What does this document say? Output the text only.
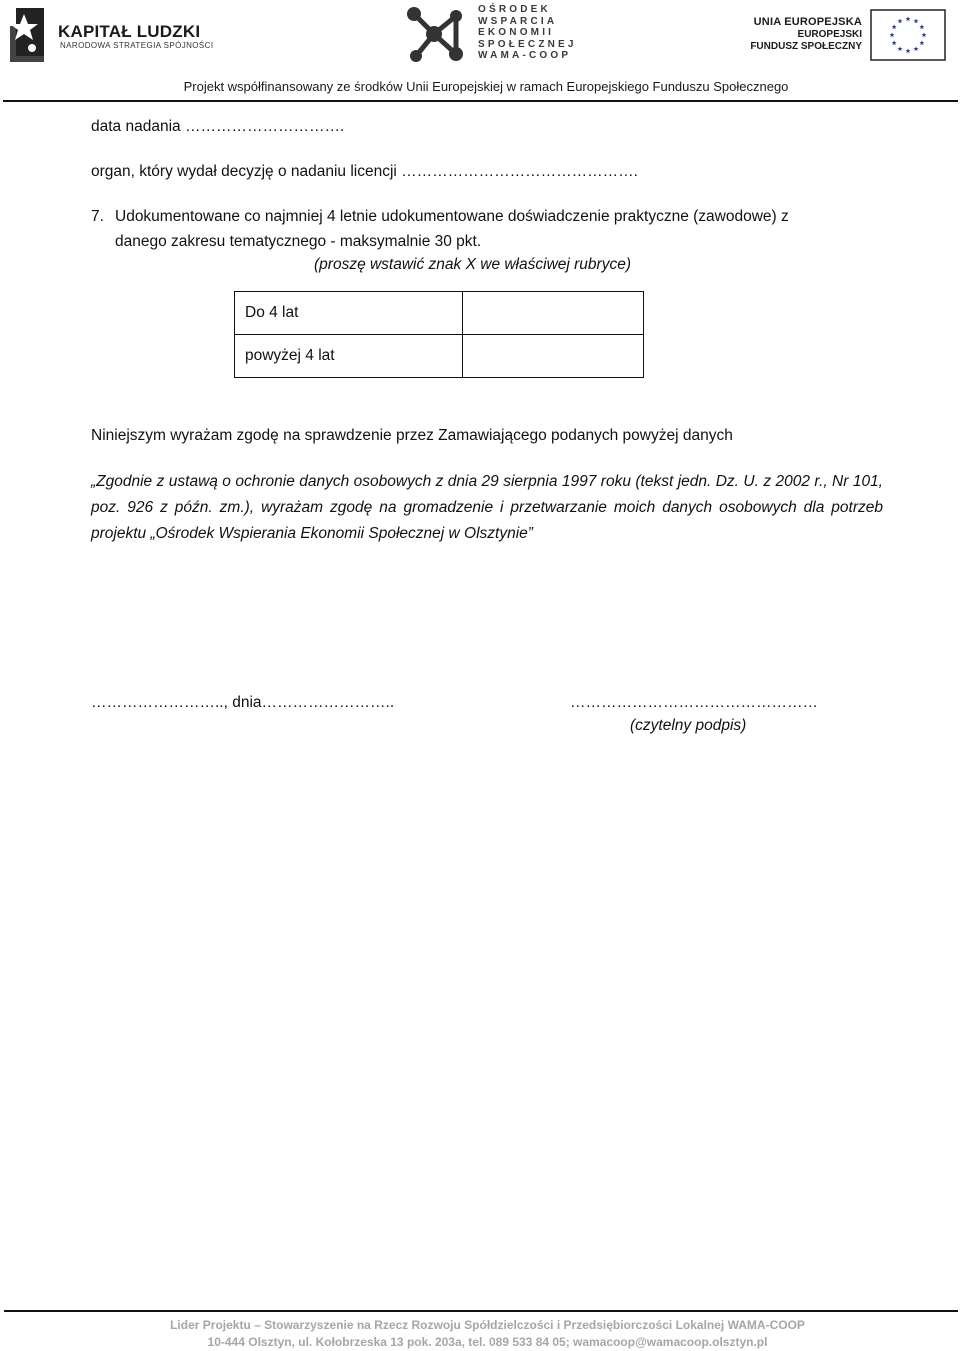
KAPITAŁ LUDZKI
NARODOWA STRATEGIA SPÓJNOŚCI
OŚRODEK
WSPARCIA
EKONOMII
SPOŁECZNEJ
WAMA-COOP
UNIA EUROPEJSKA
EUROPEJSKI
FUNDUSZ SPOŁECZNY
Projekt współfinansowany ze środków Unii Europejskiej w ramach Europejskiego Funduszu Społecznego
data nadania ………………………….
organ, który wydał decyzję o nadaniu licencji ……………………………………….
7. Udokumentowane co najmniej 4 letnie udokumentowane doświadczenie praktyczne (zawodowe) z
danego zakresu tematycznego - maksymalnie 30 pkt.
(proszę wstawić znak X we właściwej rubryce)
Do 4 lat	
powyżej 4 lat	
Niniejszym wyrażam zgodę na sprawdzenie przez Zamawiającego podanych powyżej danych
„Zgodnie z ustawą o ochronie danych osobowych z dnia 29 sierpnia 1997 roku (tekst jedn. Dz. U. z 2002 r., Nr 101, poz. 926 z późn. zm.), wyrażam zgodę na gromadzenie i przetwarzanie moich danych osobowych dla potrzeb projektu „Ośrodek Wspierania Ekonomii Społecznej w Olsztynie”
…………………….., dnia……………………..	…………………………………………
(czytelny podpis)
Lider Projektu – Stowarzyszenie na Rzecz Rozwoju Spółdzielczości i Przedsiębiorczości Lokalnej WAMA-COOP
10-444 Olsztyn, ul. Kołobrzeska 13 pok. 203a, tel. 089 533 84 05; wamacoop@wamacoop.olsztyn.pl
